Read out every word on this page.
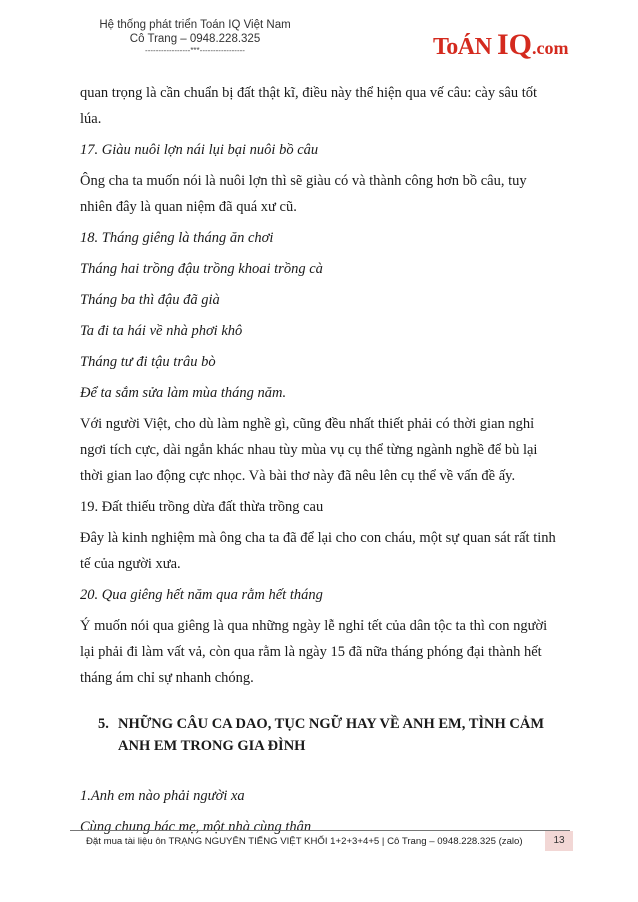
Hệ thống phát triển Toán IQ Việt Nam
Cô Trang – 0948.228.325
-----------------***-----------------	ToÁN IQ.com

quan trọng là cần chuẩn bị đất thật kĩ, điều này thể hiện qua vế câu: cày sâu tốt lúa.

17. Giàu nuôi lợn nái lụi bại nuôi bồ câu

Ông cha ta muốn nói là nuôi lợn thì sẽ giàu có và thành công hơn bồ câu, tuy nhiên đây là quan niệm đã quá xư cũ.

18. Tháng giêng là tháng ăn chơi

Tháng hai trồng đậu trồng khoai trồng cà

Tháng ba thì đậu đã già

Ta đi ta hái về nhà phơi khô

Tháng tư đi tậu trâu bò

Để ta sắm sửa làm mùa tháng năm.

Với người Việt, cho dù làm nghề gì, cũng đều nhất thiết phải có thời gian nghỉ ngơi tích cực, dài ngắn khác nhau tùy mùa vụ cụ thể từng ngành nghề để bù lại thời gian lao động cực nhọc. Và bài thơ này đã nêu lên cụ thể về vấn đề ấy.

19. Đất thiếu trồng dừa đất thừa trồng cau

Đây là kinh nghiệm mà ông cha ta đã để lại cho con cháu, một sự quan sát rất tinh tế của người xưa.

20. Qua giêng hết năm qua rằm hết tháng

Ý muốn nói qua giêng là qua những ngày lễ nghỉ tết của dân tộc ta thì con người lại phải đi làm vất vả, còn qua rằm là ngày 15 đã nữa tháng phóng đại thành hết tháng ám chỉ sự nhanh chóng.

5. NHỮNG CÂU CA DAO, TỤC NGỮ HAY VỀ ANH EM, TÌNH CẢM ANH EM TRONG GIA ĐÌNH

1.Anh em nào phải người xa

Cùng chung bác mẹ, một nhà cùng thân

Đặt mua tài liệu ôn TRẠNG NGUYÊN TIẾNG VIỆT KHỐI 1+2+3+4+5 | Cô Trang – 0948.228.325 (zalo)	13
